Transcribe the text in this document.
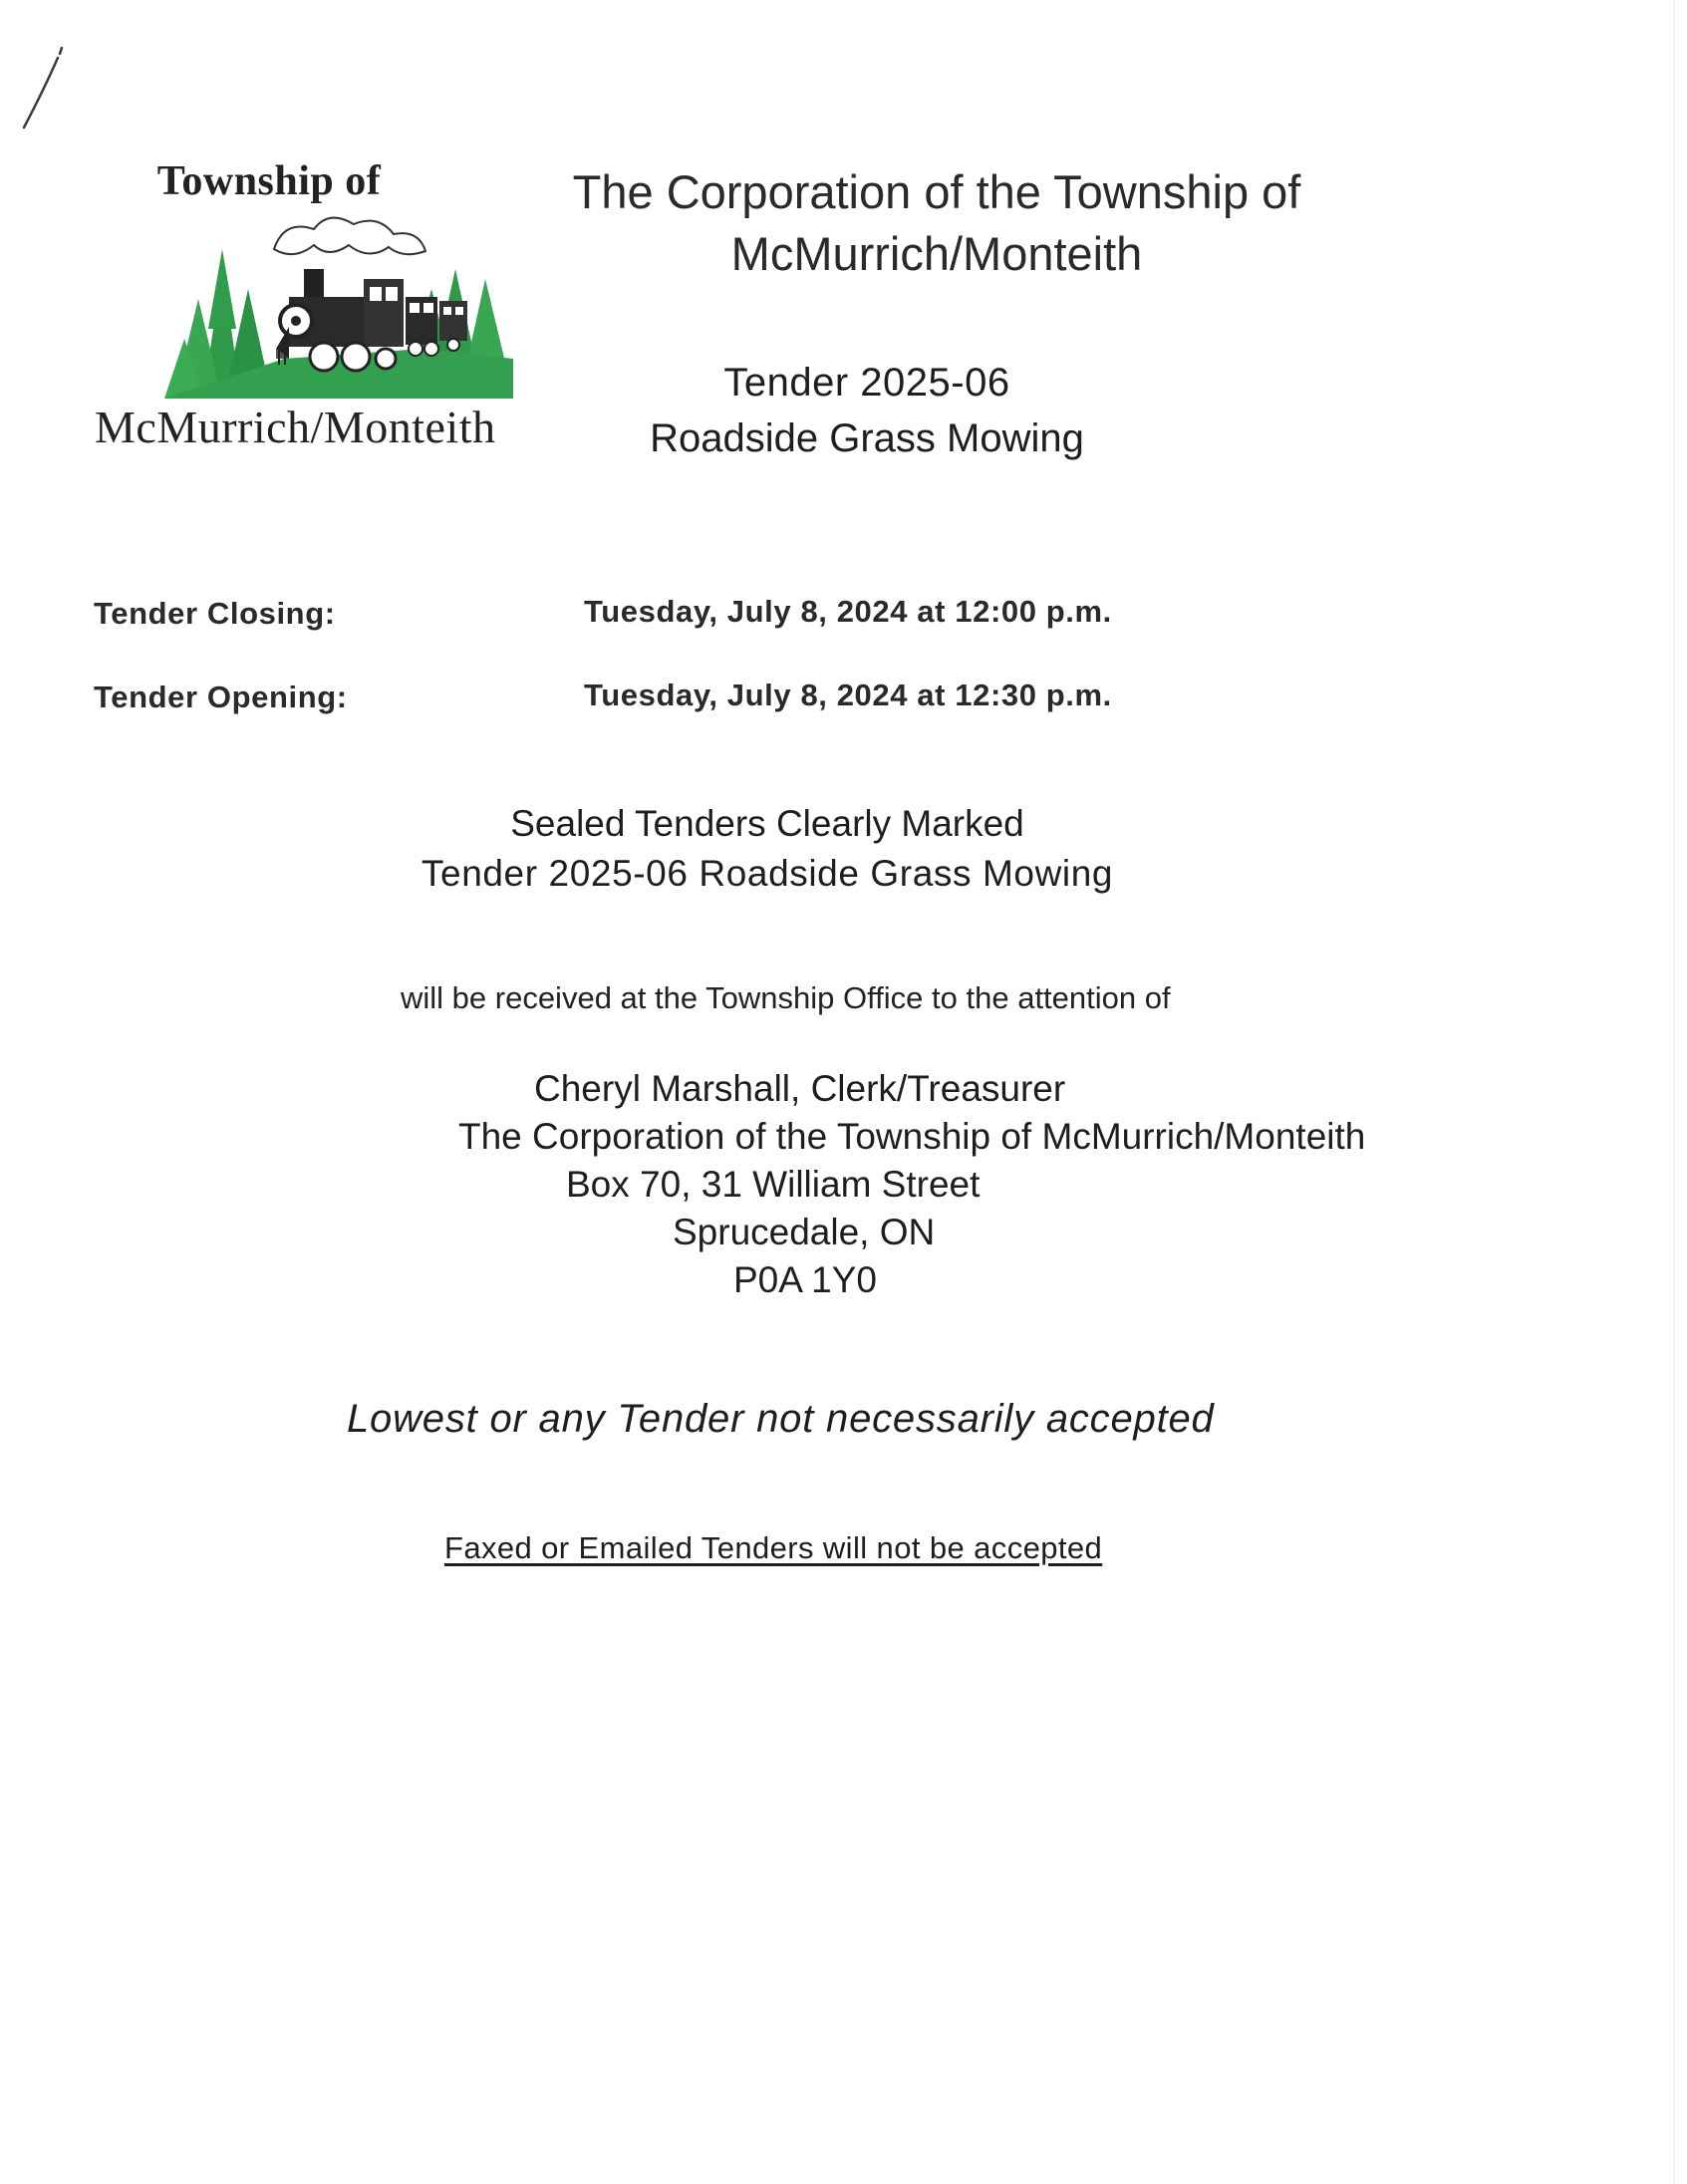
Township of
McMurrich/Monteith
The Corporation of the Township of
McMurrich/Monteith
Tender 2025-06
Roadside Grass Mowing
Tender Closing:	Tuesday, July 8, 2024 at 12:00 p.m.
Tender Opening:	Tuesday, July 8, 2024 at 12:30 p.m.
Sealed Tenders Clearly Marked
Tender 2025-06 Roadside Grass Mowing
will be received at the Township Office to the attention of
Cheryl Marshall, Clerk/Treasurer
The Corporation of the Township of McMurrich/Monteith
Box 70, 31 William Street
Sprucedale, ON
P0A 1Y0
Lowest or any Tender not necessarily accepted
Faxed or Emailed Tenders will not be accepted
